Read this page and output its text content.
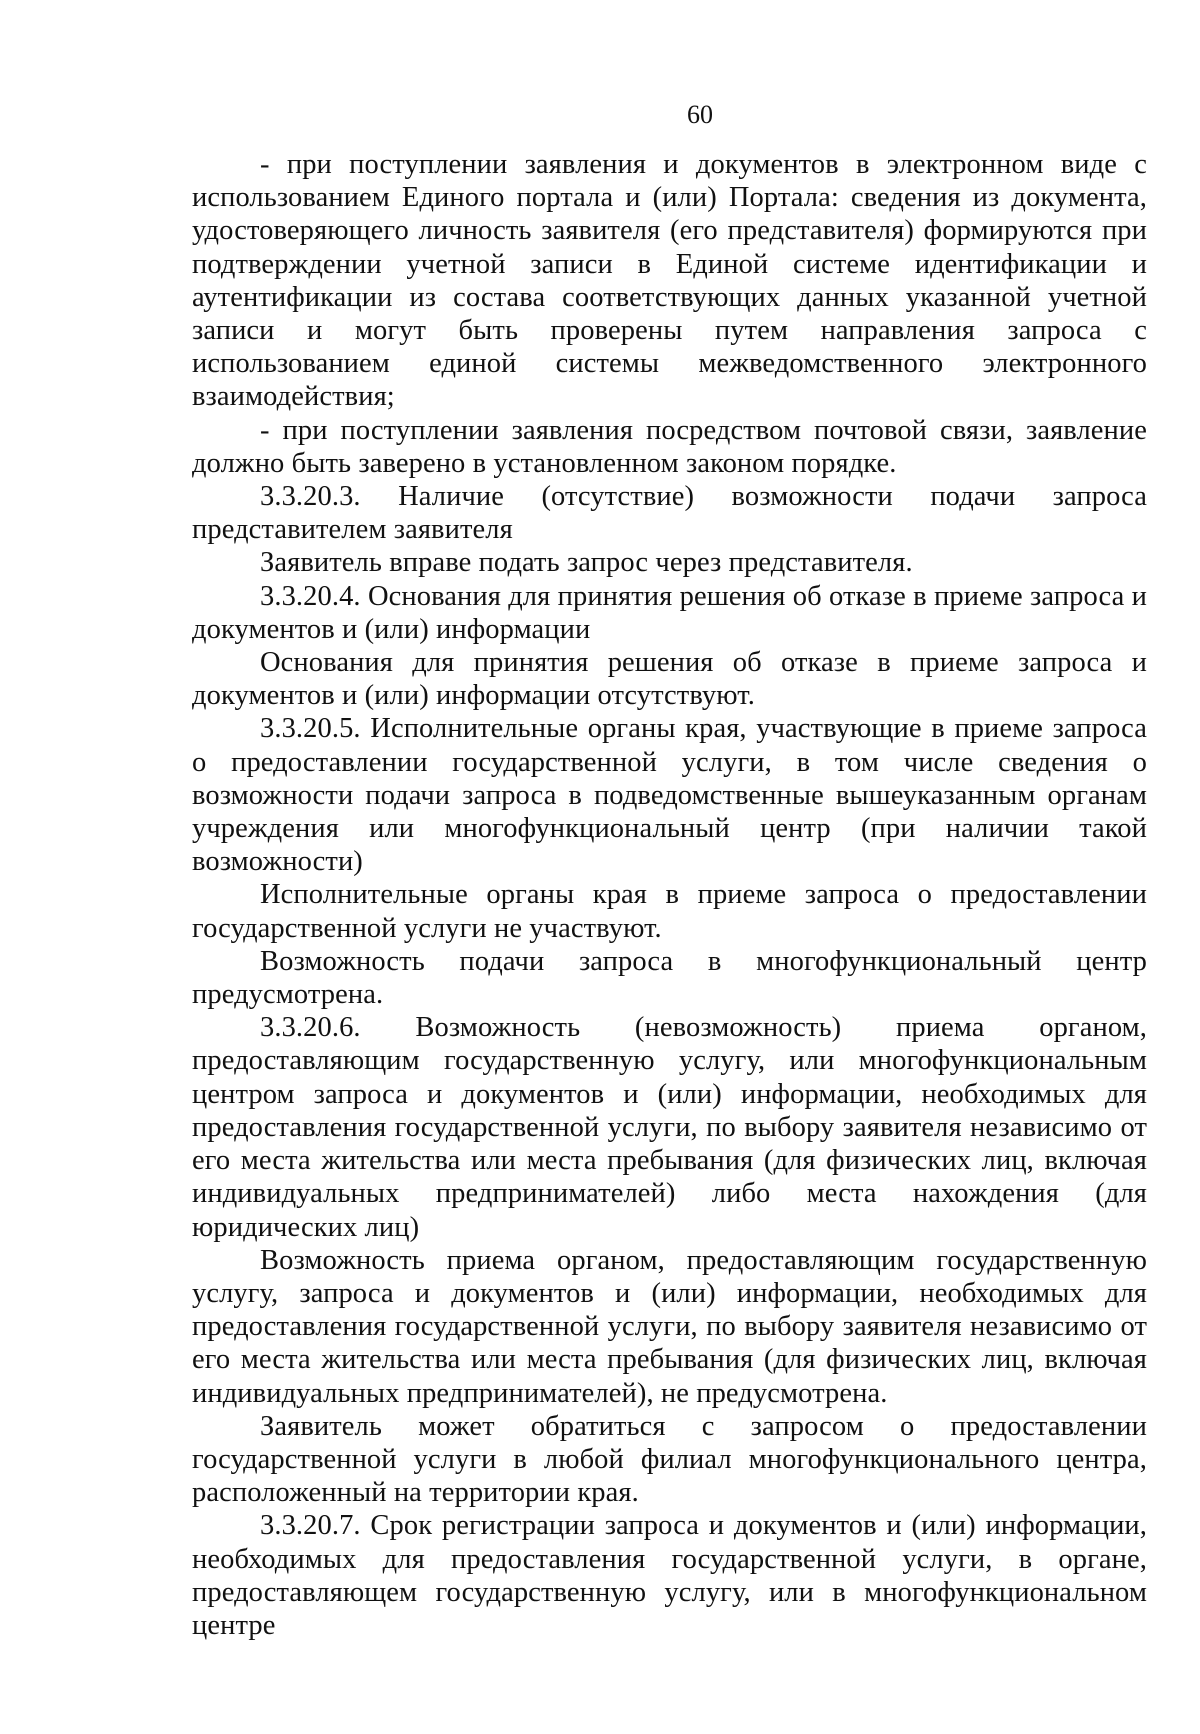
60

- при поступлении заявления и документов в электронном виде с использованием Единого портала и (или) Портала: сведения из документа, удостоверяющего личность заявителя (его представителя) формируются при подтверждении учетной записи в Единой системе идентификации и аутентификации из состава соответствующих данных указанной учетной записи и могут быть проверены путем направления запроса с использованием единой системы межведомственного электронного взаимодействия;

- при поступлении заявления посредством почтовой связи, заявление должно быть заверено в установленном законом порядке.

3.3.20.3. Наличие (отсутствие) возможности подачи запроса представителем заявителя

Заявитель вправе подать запрос через представителя.

3.3.20.4. Основания для принятия решения об отказе в приеме запроса и документов и (или) информации

Основания для принятия решения об отказе в приеме запроса и документов и (или) информации отсутствуют.

3.3.20.5. Исполнительные органы края, участвующие в приеме запроса о предоставлении государственной услуги, в том числе сведения о возможности подачи запроса в подведомственные вышеуказанным органам учреждения или многофункциональный центр (при наличии такой возможности)

Исполнительные органы края в приеме запроса о предоставлении государственной услуги не участвуют.

Возможность подачи запроса в многофункциональный центр предусмотрена.

3.3.20.6. Возможность (невозможность) приема органом, предоставляющим государственную услугу, или многофункциональным центром запроса и документов и (или) информации, необходимых для предоставления государственной услуги, по выбору заявителя независимо от его места жительства или места пребывания (для физических лиц, включая индивидуальных предпринимателей) либо места нахождения (для юридических лиц)

Возможность приема органом, предоставляющим государственную услугу, запроса и документов и (или) информации, необходимых для предоставления государственной услуги, по выбору заявителя независимо от его места жительства или места пребывания (для физических лиц, включая индивидуальных предпринимателей), не предусмотрена.

Заявитель может обратиться с запросом о предоставлении государственной услуги в любой филиал многофункционального центра, расположенный на территории края.

3.3.20.7. Срок регистрации запроса и документов и (или) информации, необходимых для предоставления государственной услуги, в органе, предоставляющем государственную услугу, или в многофункциональном центре
